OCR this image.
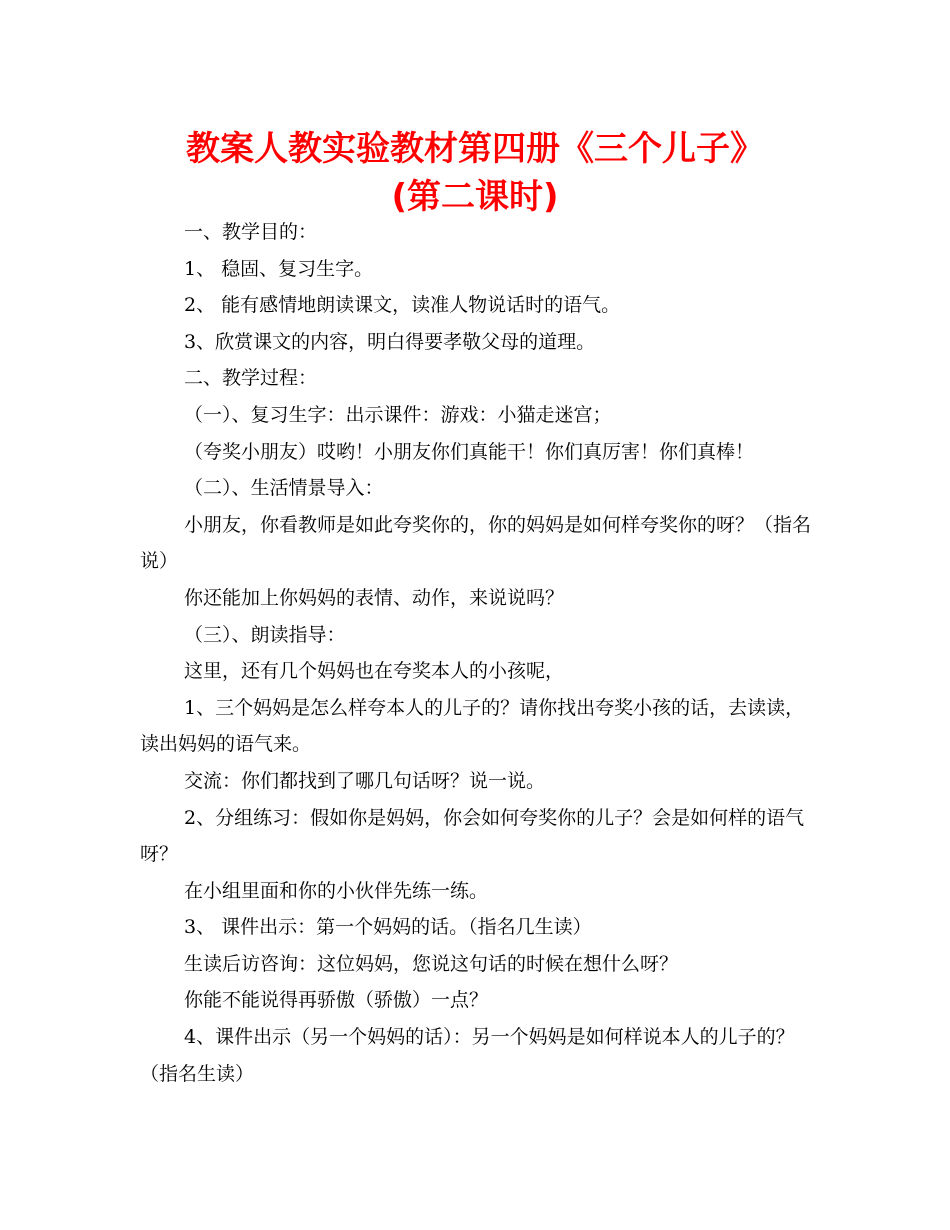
教案人教实验教材第四册《三个儿子》
(第二课时)

一、教学目的：

1、 稳固、复习生字。

2、 能有感情地朗读课文，读准人物说话时的语气。

3、欣赏课文的内容，明白得要孝敬父母的道理。

二、教学过程：

（一）、复习生字：出示课件：游戏：小猫走迷宫；

（夸奖小朋友）哎哟！小朋友你们真能干！你们真厉害！你们真棒！

（二）、生活情景导入：

小朋友，你看教师是如此夸奖你的，你的妈妈是如何样夸奖你的呀？（指名说）

你还能加上你妈妈的表情、动作，来说说吗？

（三）、朗读指导：

这里，还有几个妈妈也在夸奖本人的小孩呢，

1、三个妈妈是怎么样夸本人的儿子的？请你找出夸奖小孩的话，去读读，读出妈妈的语气来。

交流：你们都找到了哪几句话呀？说一说。

2、分组练习：假如你是妈妈，你会如何夸奖你的儿子？会是如何样的语气呀？

在小组里面和你的小伙伴先练一练。

3、 课件出示：第一个妈妈的话。（指名几生读）

生读后访咨询：这位妈妈，您说这句话的时候在想什么呀？

你能不能说得再骄傲（骄傲）一点？

4、课件出示（另一个妈妈的话）：另一个妈妈是如何样说本人的儿子的？（指名生读）
